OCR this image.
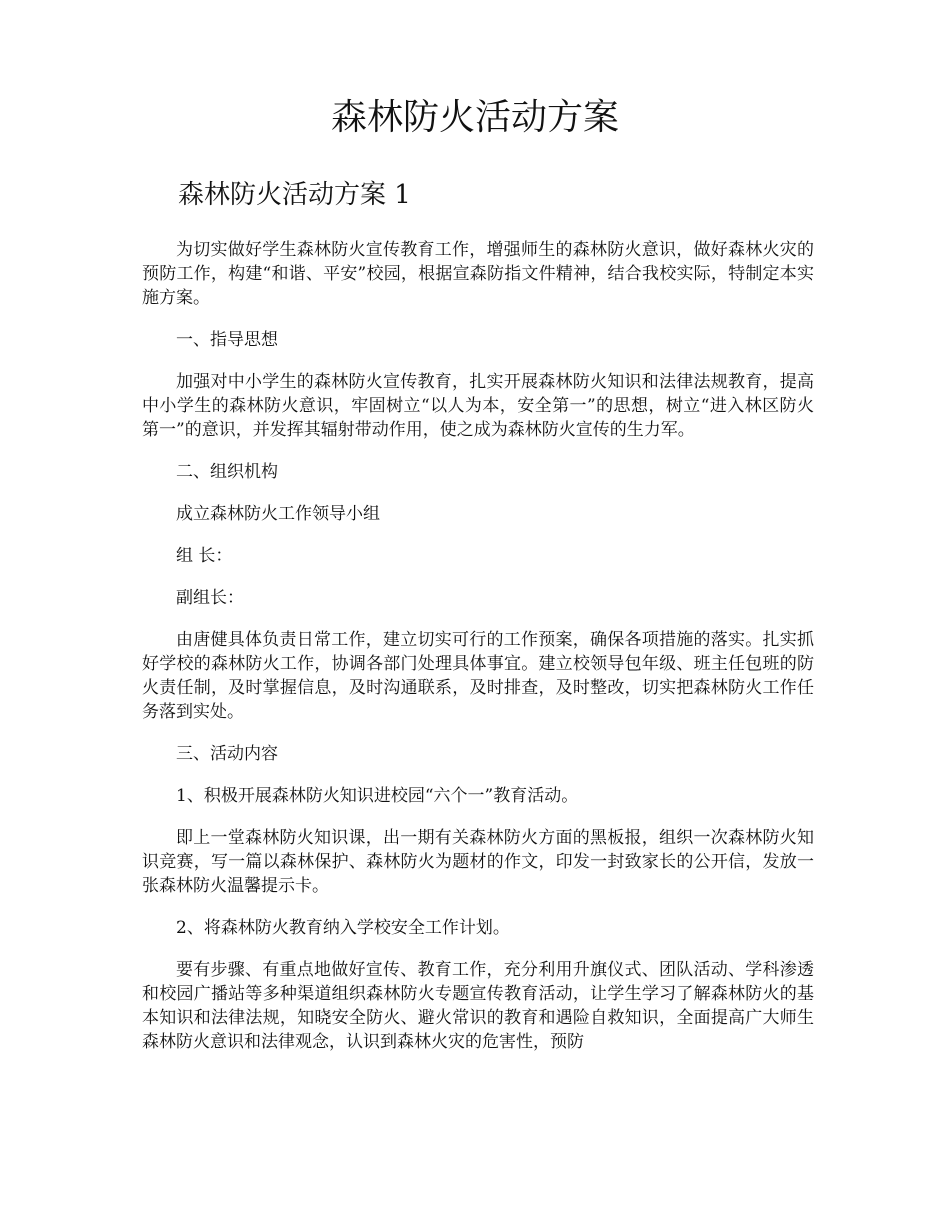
森林防火活动方案
森林防火活动方案 1

为切实做好学生森林防火宣传教育工作，增强师生的森林防火意识，做好森林火灾的预防工作，构建“和谐、平安”校园，根据宣森防指文件精神，结合我校实际，特制定本实施方案。

一、指导思想

加强对中小学生的森林防火宣传教育，扎实开展森林防火知识和法律法规教育，提高中小学生的森林防火意识，牢固树立“以人为本，安全第一”的思想，树立“进入林区防火第一”的意识，并发挥其辐射带动作用，使之成为森林防火宣传的生力军。

二、组织机构

成立森林防火工作领导小组

组 长：

副组长：

由唐健具体负责日常工作，建立切实可行的工作预案，确保各项措施的落实。扎实抓好学校的森林防火工作，协调各部门处理具体事宜。建立校领导包年级、班主任包班的防火责任制，及时掌握信息，及时沟通联系，及时排查，及时整改，切实把森林防火工作任务落到实处。

三、活动内容

1、积极开展森林防火知识进校园“六个一”教育活动。

即上一堂森林防火知识课，出一期有关森林防火方面的黑板报，组织一次森林防火知识竞赛，写一篇以森林保护、森林防火为题材的作文，印发一封致家长的公开信，发放一张森林防火温馨提示卡。

2、将森林防火教育纳入学校安全工作计划。

要有步骤、有重点地做好宣传、教育工作，充分利用升旗仪式、团队活动、学科渗透和校园广播站等多种渠道组织森林防火专题宣传教育活动，让学生学习了解森林防火的基本知识和法律法规，知晓安全防火、避火常识的教育和遇险自救知识，全面提高广大师生森林防火意识和法律观念，认识到森林火灾的危害性，预防
